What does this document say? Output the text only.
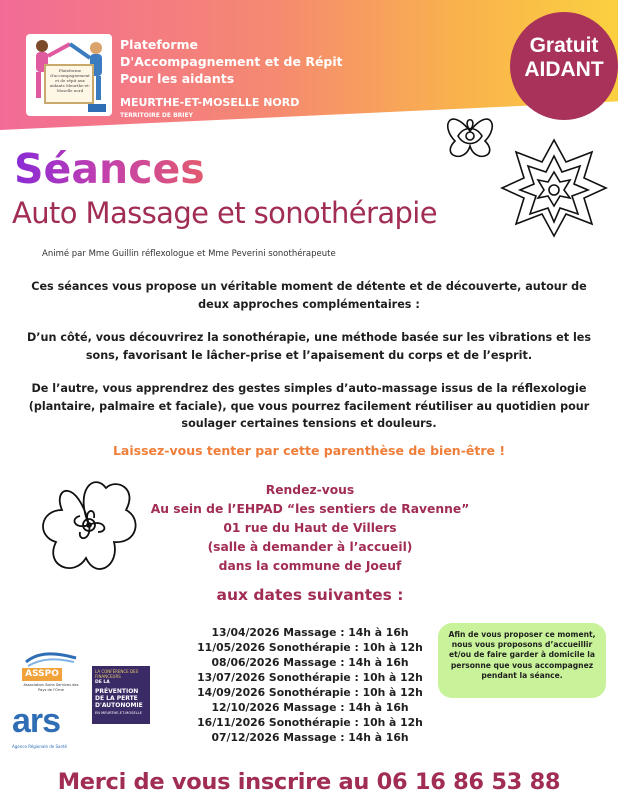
Plateforme d'accompagnement et de répit aux aidants Meurthe-et-Moselle nord
Plateforme
D'Accompagnement et de Répit
Pour les aidants
MEURTHE-ET-MOSELLE NORD
TERRITOIRE DE BRIEY
Gratuit
AIDANT
Séances
Auto Massage et sonothérapie
Animé par Mme Guillin réflexologue et Mme Peverini sonothérapeute
Ces séances vous propose un véritable moment de détente et de découverte, autour de deux approches complémentaires :
D’un côté, vous découvrirez la sonothérapie, une méthode basée sur les vibrations et les sons, favorisant le lâcher-prise et l’apaisement du corps et de l’esprit.
De l’autre, vous apprendrez des gestes simples d’auto-massage issus de la réflexologie (plantaire, palmaire et faciale), que vous pourrez facilement réutiliser au quotidien pour soulager certaines tensions et douleurs.
Laissez-vous tenter par cette parenthèse de bien-être !
Rendez-vous
Au sein de l’EHPAD “les sentiers de Ravenne”
01 rue du Haut de Villers
(salle à demander à l’accueil)
dans la commune de Joeuf
aux dates suivantes :
13/04/2026 Massage : 14h à 16h
11/05/2026 Sonothérapie : 10h à 12h
08/06/2026 Massage : 14h à 16h
13/07/2026 Sonothérapie : 10h à 12h
14/09/2026 Sonothérapie : 10h à 12h
12/10/2026 Massage : 14h à 16h
16/11/2026 Sonothérapie : 10h à 12h
07/12/2026 Massage : 14h à 16h
Afin de vous proposer ce moment, nous vous proposons d’accueillir et/ou de faire garder à domicile la personne que vous accompagnez pendant la séance.
ASSPO
Association Soins Services des Pays de l'Orne
LA CONFÉRENCE DES FINANCEURS
DE LA
PRÉVENTION DE LA PERTE D'AUTONOMIE
EN MEURTHE-ET-MOSELLE
ars
Agence Régionale de Santé
Merci de vous inscrire au 06 16 86 53 88
